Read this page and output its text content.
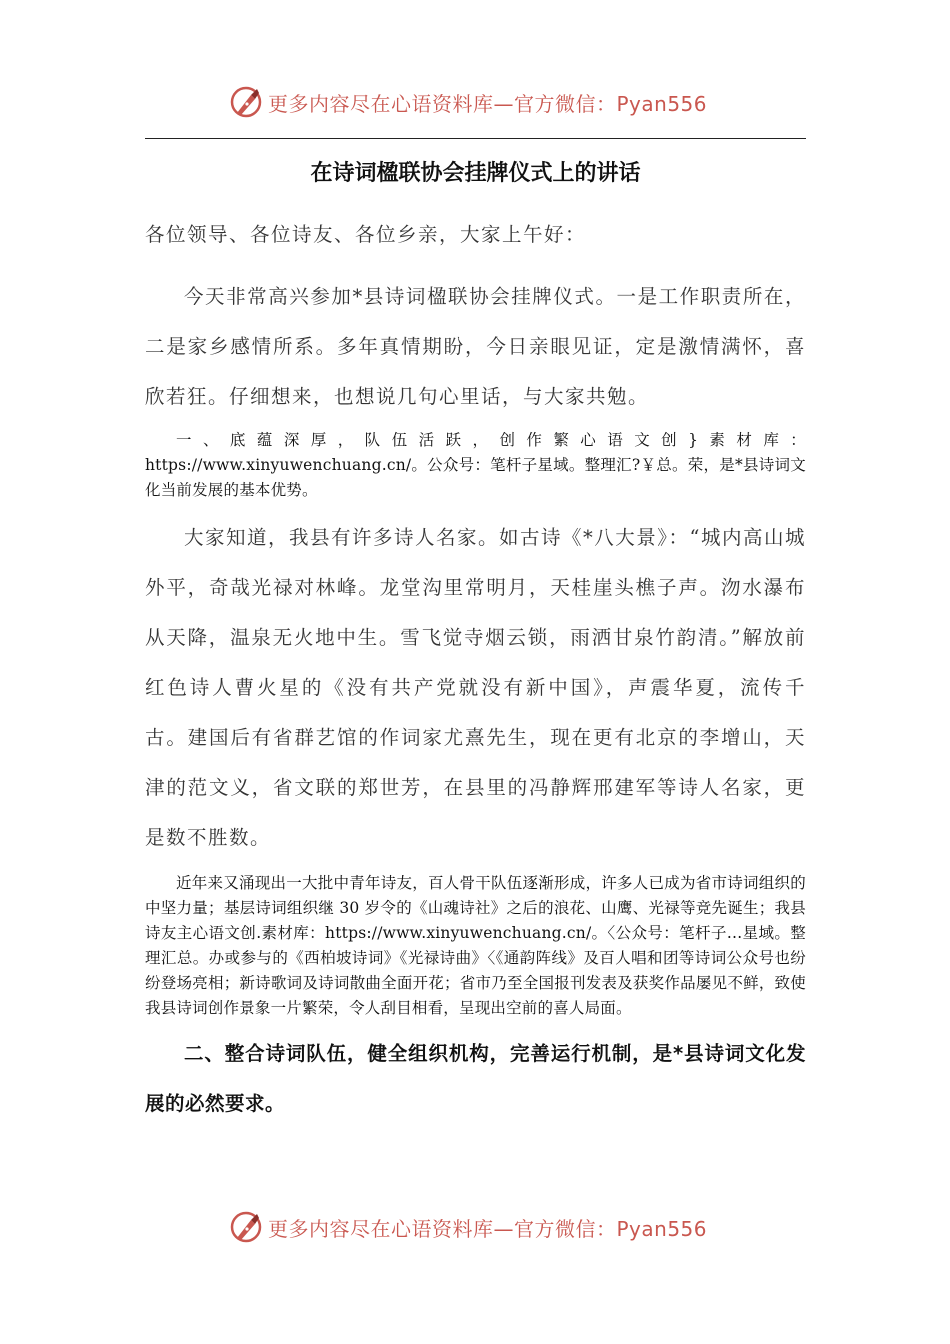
更多内容尽在心语资料库—官方微信：Pyan556
在诗词楹联协会挂牌仪式上的讲话

各位领导、各位诗友、各位乡亲，大家上午好：

今天非常高兴参加*县诗词楹联协会挂牌仪式。一是工作职责所在，二是家乡感情所系。多年真情期盼，今日亲眼见证，定是激情满怀，喜欣若狂。仔细想来，也想说几句心里话，与大家共勉。

一、底蕴深厚，队伍活跃，创作繁心语文创}素材库：https://www.xinyuwenchuang.cn/。公众号：笔杆子星域。整理汇?￥总。荣，是*县诗词文化当前发展的基本优势。

大家知道，我县有许多诗人名家。如古诗《*八大景》：“城内高山城外平，奇哉光禄对林峰。龙堂沟里常明月，天桂崖头樵子声。沕水瀑布从天降，温泉无火地中生。雪飞觉寺烟云锁，雨洒甘泉竹韵清。”解放前红色诗人曹火星的《没有共产党就没有新中国》，声震华夏，流传千古。建国后有省群艺馆的作词家尤熹先生，现在更有北京的李增山，天津的范文义，省文联的郑世芳，在县里的冯静辉邢建军等诗人名家，更是数不胜数。

近年来又涌现出一大批中青年诗友，百人骨干队伍逐渐形成，许多人已成为省市诗词组织的中坚力量；基层诗词组织继 30 岁令的《山魂诗社》之后的浪花、山鹰、光禄等竞先诞生；我县诗友主心语文创.素材库：https://www.xinyuwenchuang.cn/。〈公众号：笔杆子…星域。整理汇总。办或参与的《西柏坡诗词》《光禄诗曲》〈《通韵阵线》及百人唱和团等诗词公众号也纷纷登场亮相；新诗歌词及诗词散曲全面开花；省市乃至全国报刊发表及获奖作品屡见不鲜，致使我县诗词创作景象一片繁荣，令人刮目相看，呈现出空前的喜人局面。

二、整合诗词队伍，健全组织机构，完善运行机制，是*县诗词文化发展的必然要求。

更多内容尽在心语资料库—官方微信：Pyan556
